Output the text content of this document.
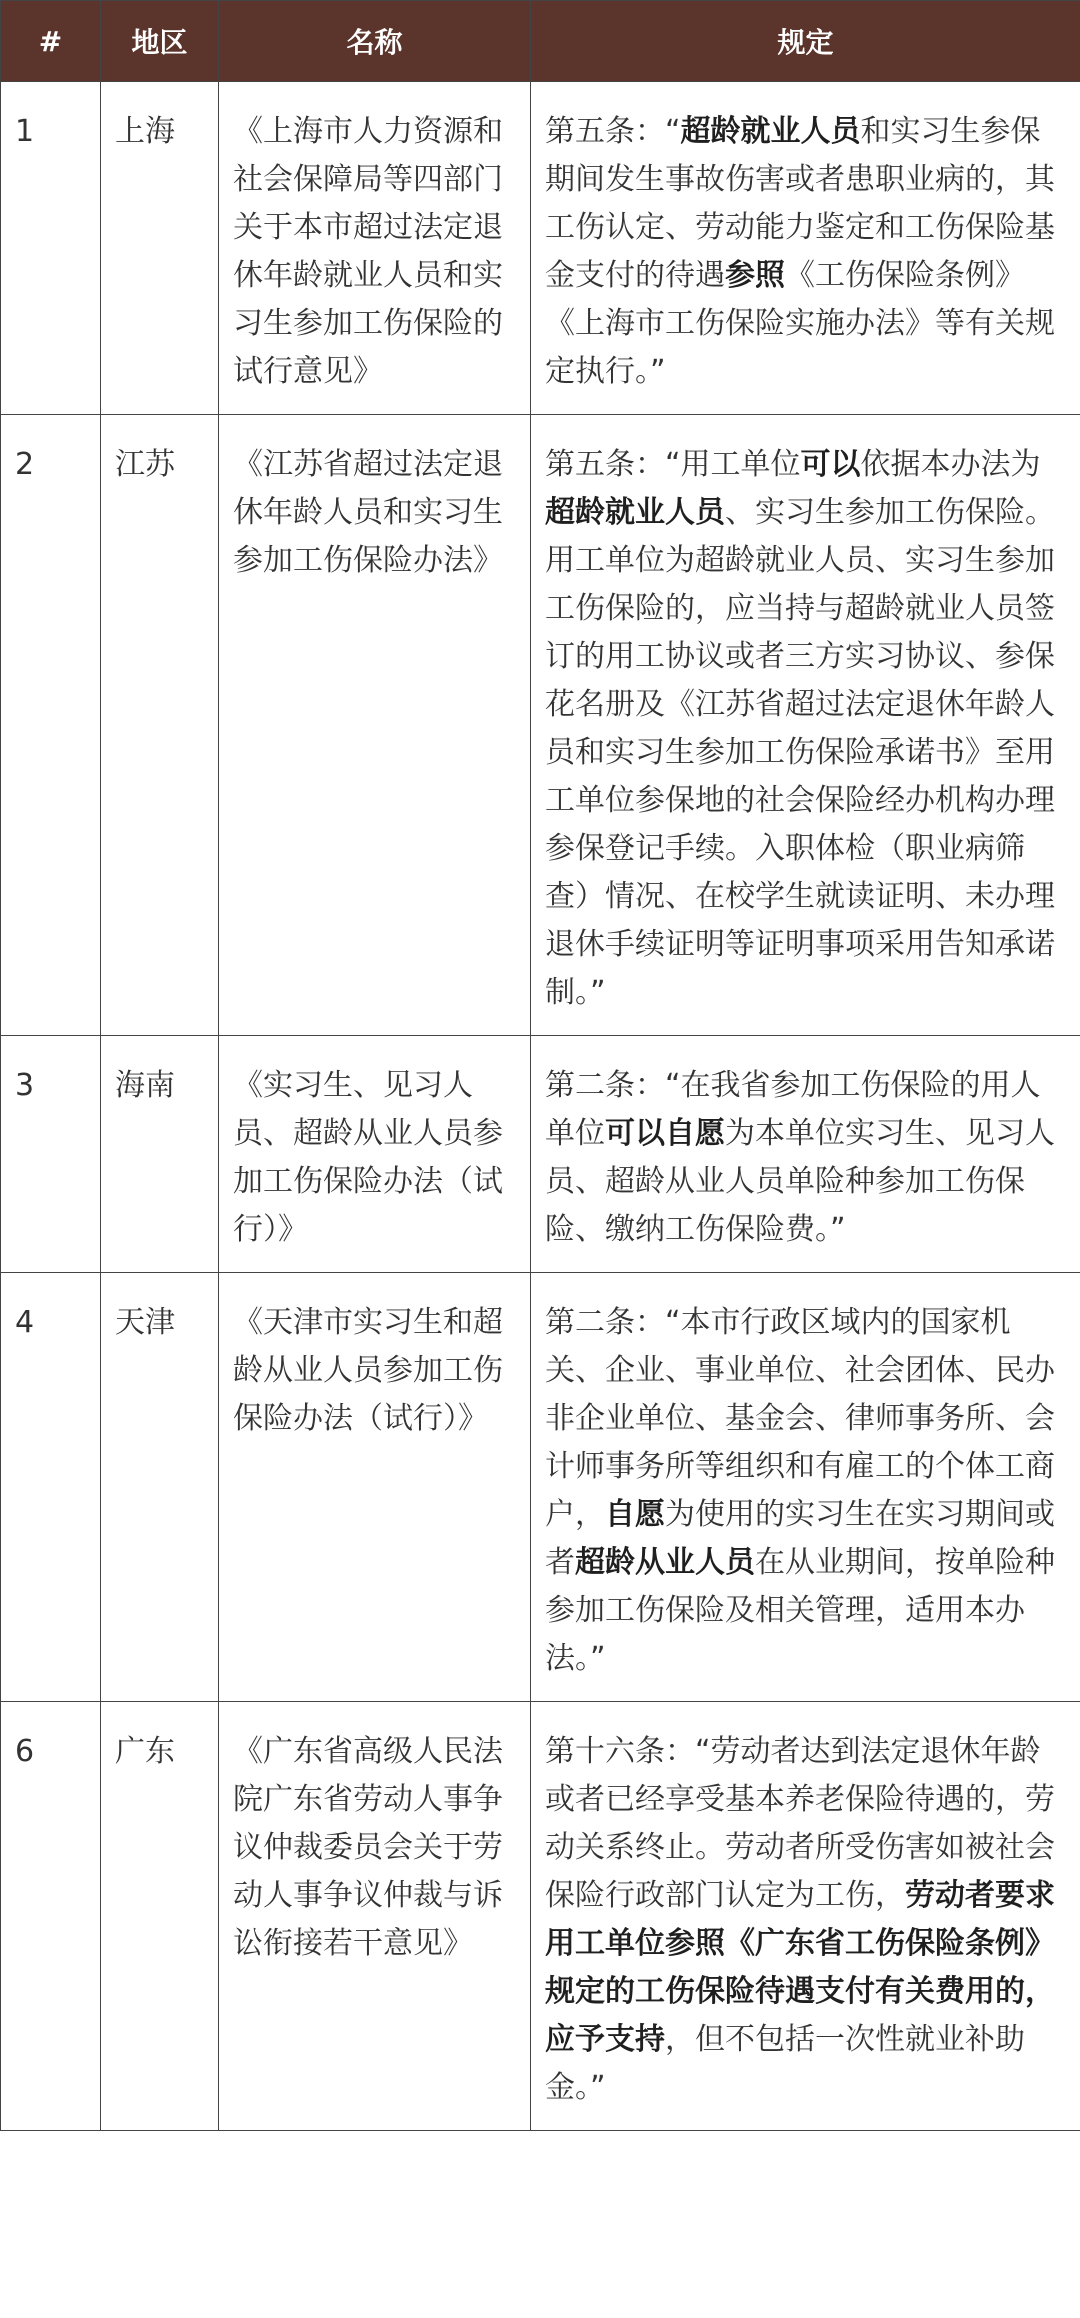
#	地区	名称	规定
1	上海	《上海市人力资源和社会保障局等四部门关于本市超过法定退休年龄就业人员和实习生参加工伤保险的试行意见》	第五条：“超龄就业人员和实习生参保期间发生事故伤害或者患职业病的，其工伤认定、劳动能力鉴定和工伤保险基金支付的待遇参照《工伤保险条例》《上海市工伤保险实施办法》等有关规定执行。”
2	江苏	《江苏省超过法定退休年龄人员和实习生参加工伤保险办法》	第五条：“用工单位可以依据本办法为超龄就业人员、实习生参加工伤保险。用工单位为超龄就业人员、实习生参加工伤保险的，应当持与超龄就业人员签订的用工协议或者三方实习协议、参保花名册及《江苏省超过法定退休年龄人员和实习生参加工伤保险承诺书》至用工单位参保地的社会保险经办机构办理参保登记手续。入职体检（职业病筛查）情况、在校学生就读证明、未办理退休手续证明等证明事项采用告知承诺制。”
3	海南	《实习生、见习人员、超龄从业人员参加工伤保险办法（试行）》	第二条：“在我省参加工伤保险的用人单位可以自愿为本单位实习生、见习人员、超龄从业人员单险种参加工伤保险、缴纳工伤保险费。”
4	天津	《天津市实习生和超龄从业人员参加工伤保险办法（试行）》	第二条：“本市行政区域内的国家机关、企业、事业单位、社会团体、民办非企业单位、基金会、律师事务所、会计师事务所等组织和有雇工的个体工商户，自愿为使用的实习生在实习期间或者超龄从业人员在从业期间，按单险种参加工伤保险及相关管理，适用本办法。”
6	广东	《广东省高级人民法院广东省劳动人事争议仲裁委员会关于劳动人事争议仲裁与诉讼衔接若干意见》	第十六条：“劳动者达到法定退休年龄或者已经享受基本养老保险待遇的，劳动关系终止。劳动者所受伤害如被社会保险行政部门认定为工伤，劳动者要求用工单位参照《广东省工伤保险条例》规定的工伤保险待遇支付有关费用的，应予支持，但不包括一次性就业补助金。”
